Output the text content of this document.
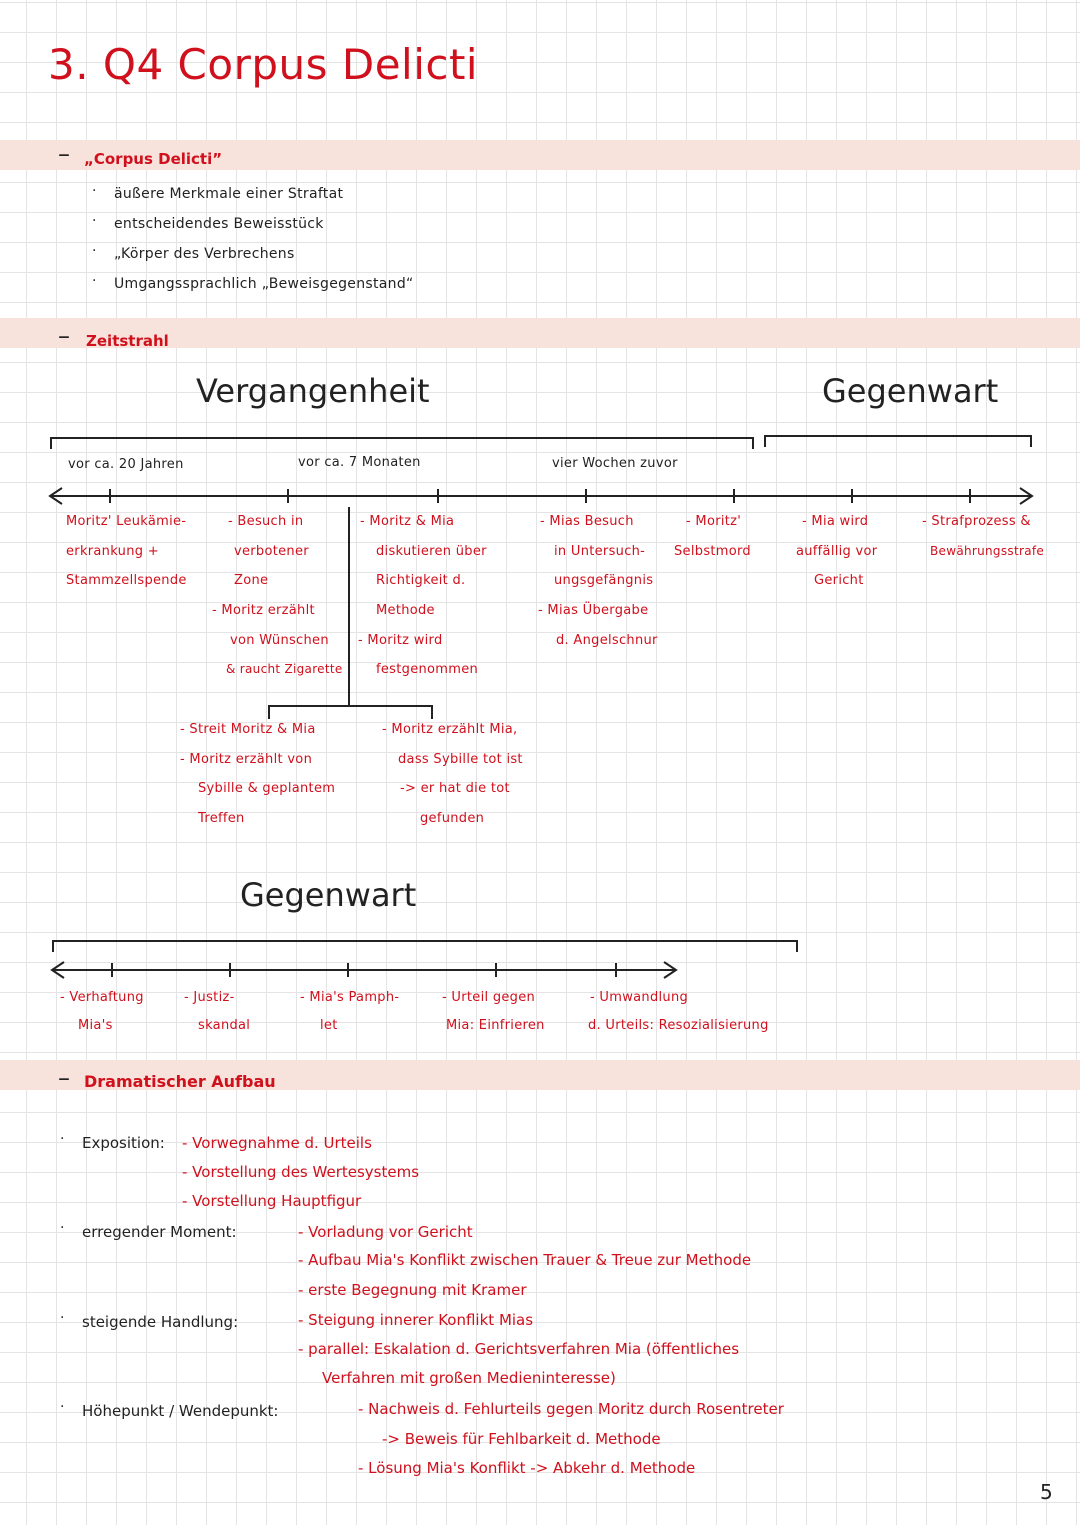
3. Q4 Corpus Delicti
– „Corpus Delicti”
· äußere Merkmale einer Straftat
· entscheidendes Beweisstück
· „Körper des Verbrechens
· Umgangssprachlich „Beweisgegenstand“
– Zeitstrahl
Vergangenheit	Gegenwart
vor ca. 20 Jahren	vor ca. 7 Monaten	vier Wochen zuvor
Moritz' Leukämie-
erkrankung +
Stammzellspende
- Besuch in
verbotener
Zone
- Moritz erzählt
von Wünschen
& raucht Zigarette
- Moritz & Mia
diskutieren über
Richtigkeit d.
Methode
- Moritz wird
festgenommen
- Mias Besuch
in Untersuch-
ungsgefängnis
- Mias Übergabe
d. Angelschnur
- Moritz'
Selbstmord
- Mia wird
auffällig vor
Gericht
- Strafprozess &
Bewährungsstrafe
- Streit Moritz & Mia
- Moritz erzählt von
Sybille & geplantem
Treffen
- Moritz erzählt Mia,
dass Sybille tot ist
-> er hat die tot
gefunden
Gegenwart
- Verhaftung
Mia's
- Justiz-
skandal
- Mia's Pamph-
let
- Urteil gegen
Mia: Einfrieren
- Umwandlung
d. Urteils: Resozialisierung
– Dramatischer Aufbau
· Exposition: - Vorwegnahme d. Urteils
- Vorstellung des Wertesystems
- Vorstellung Hauptfigur
· erregender Moment:	- Vorladung vor Gericht
- Aufbau Mia's Konflikt zwischen Trauer & Treue zur Methode
- erste Begegnung mit Kramer
· steigende Handlung:	- Steigung innerer Konflikt Mias
- parallel: Eskalation d. Gerichtsverfahren Mia (öffentliches
Verfahren mit großen Medieninteresse)
· Höhepunkt / Wendepunkt:	- Nachweis d. Fehlurteils gegen Moritz durch Rosentreter
-> Beweis für Fehlbarkeit d. Methode
- Lösung Mia's Konflikt -> Abkehr d. Methode
5
